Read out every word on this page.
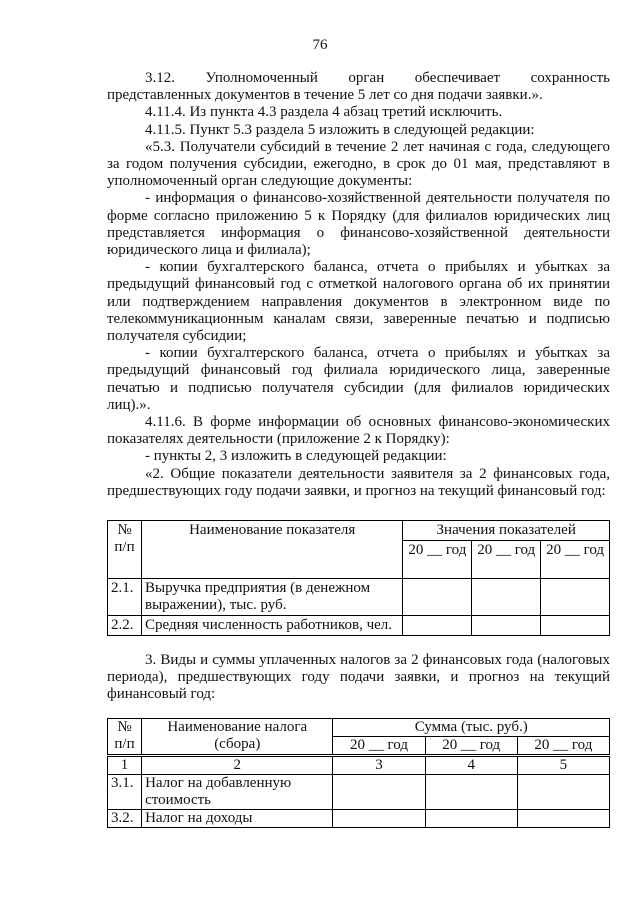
76

3.12. Уполномоченный орган обеспечивает сохранность представленных документов в течение 5 лет со дня подачи заявки.».

4.11.4. Из пункта 4.3 раздела 4 абзац третий исключить.

4.11.5. Пункт 5.3 раздела 5 изложить в следующей редакции:

«5.3. Получатели субсидий в течение 2 лет начиная с года, следующего за годом получения субсидии, ежегодно, в срок до 01 мая, представляют в уполномоченный орган следующие документы:

- информация о финансово-хозяйственной деятельности получателя по форме согласно приложению 5 к Порядку (для филиалов юридических лиц представляется информация о финансово-хозяйственной деятельности юридического лица и филиала);

- копии бухгалтерского баланса, отчета о прибылях и убытках за предыдущий финансовый год с отметкой налогового органа об их принятии или подтверждением направления документов в электронном виде по телекоммуникационным каналам связи, заверенные печатью и подписью получателя субсидии;

- копии бухгалтерского баланса, отчета о прибылях и убытках за предыдущий финансовый год филиала юридического лица, заверенные печатью и подписью получателя субсидии (для филиалов юридических лиц).».

4.11.6. В форме информации об основных финансово-экономических показателях деятельности (приложение 2 к Порядку):

- пункты 2, 3 изложить в следующей редакции:

«2. Общие показатели деятельности заявителя за 2 финансовых года, предшествующих году подачи заявки, и прогноз на текущий финансовый год:

№ п/п	Наименование показателя	Значения показателей		
		20 __ год	20 __ год	20 __ год
2.1.	Выручка предприятия (в денежном выражении), тыс. руб.			
2.2.	Средняя численность работников, чел.			

3. Виды и суммы уплаченных налогов за 2 финансовых года (налоговых периода), предшествующих году подачи заявки, и прогноз на текущий финансовый год:

№ п/п	Наименование налога (сбора)	Сумма (тыс. руб.)		
		20 __ год	20 __ год	20 __ год
1	2	3	4	5
3.1.	Налог на добавленную стоимость			
3.2.	Налог на доходы			
